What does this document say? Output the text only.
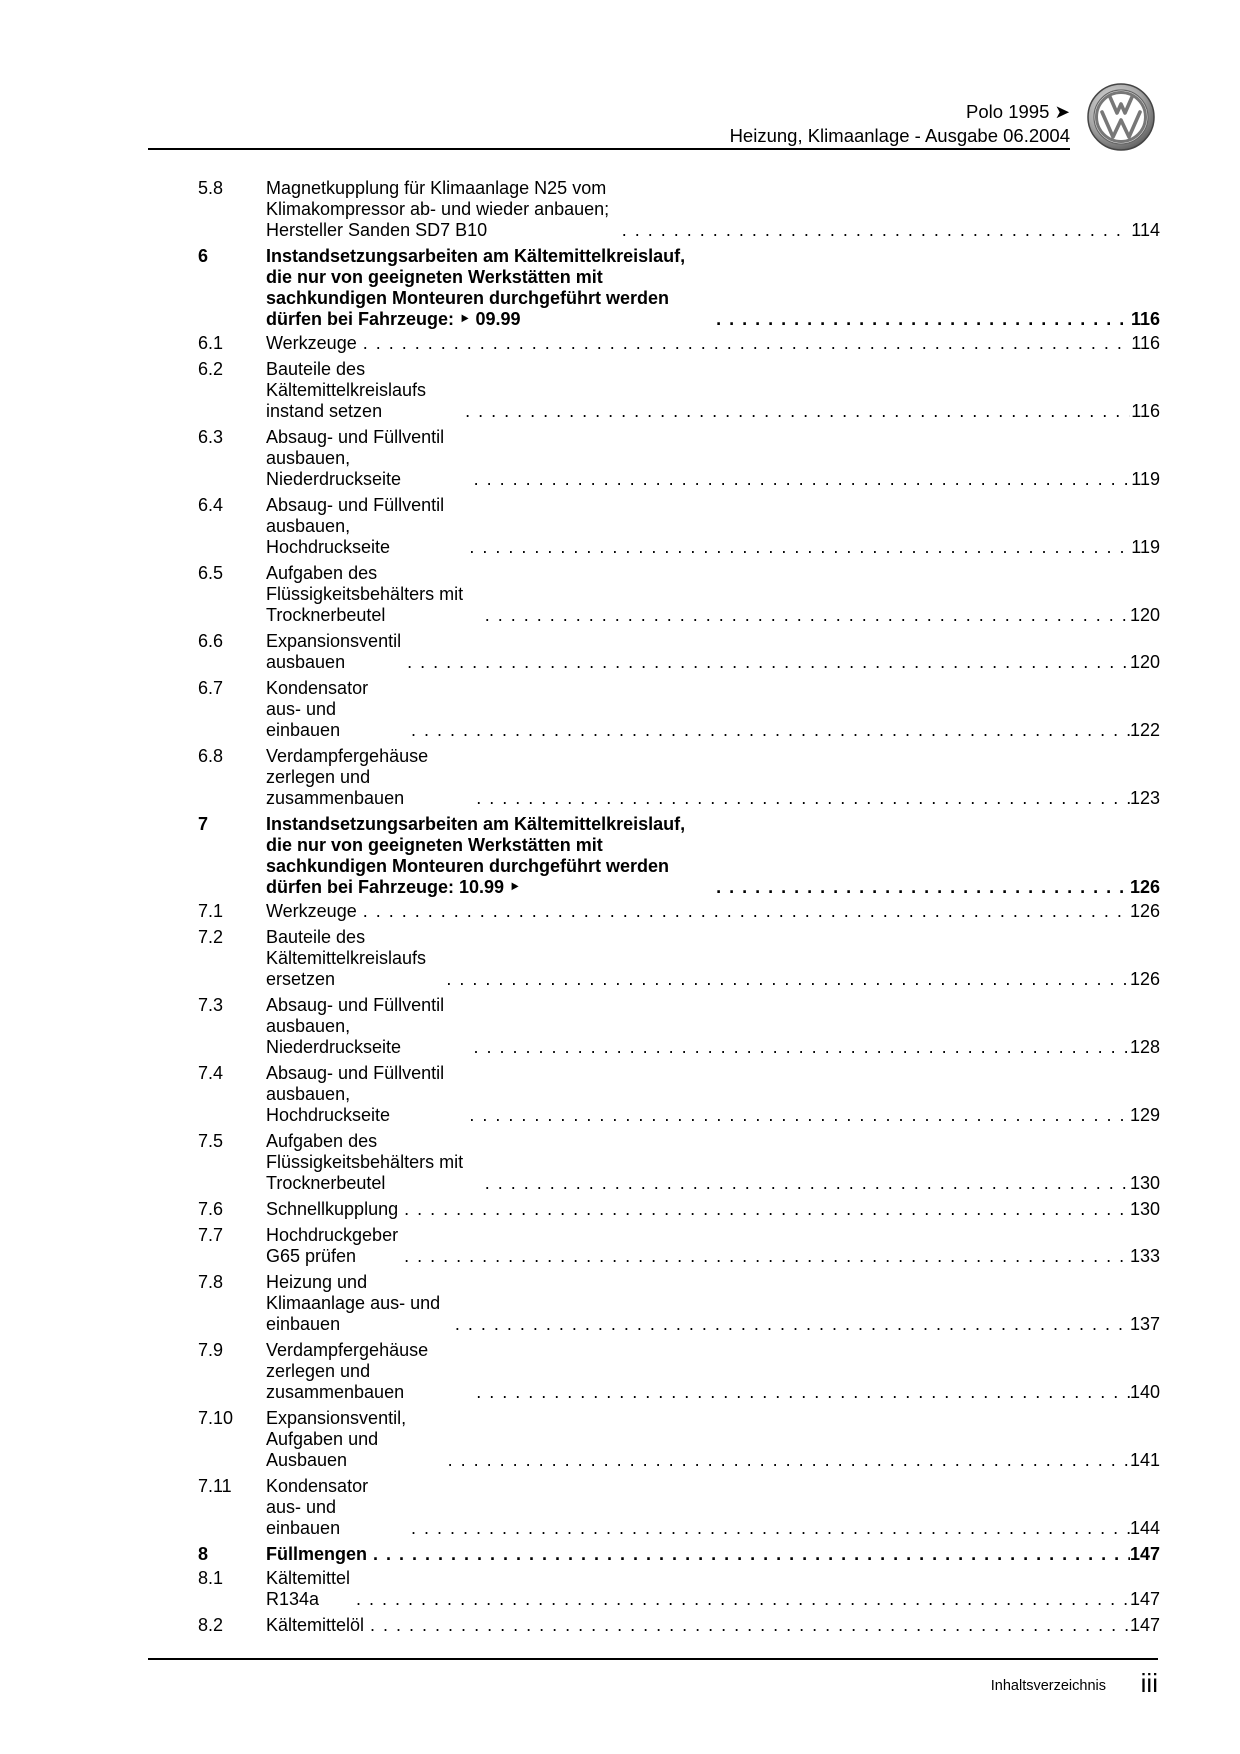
Polo 1995 ➤
Heizung, Klimaanlage - Ausgabe 06.2004
5.8	Magnetkupplung für Klimaanlage N25 vom Klimakompressor ab- und wieder anbauen; Hersteller Sanden SD7 B10 . . .	114
6	Instandsetzungsarbeiten am Kältemittelkreislauf, die nur von geeigneten Werkstätten mit sachkundigen Monteuren durchgeführt werden dürfen bei Fahrzeuge: ‣ 09.99 . . .	116
6.1	Werkzeuge . . .	116
6.2	Bauteile des Kältemittelkreislaufs instand setzen . . .	116
6.3	Absaug- und Füllventil ausbauen, Niederdruckseite . . .	119
6.4	Absaug- und Füllventil ausbauen, Hochdruckseite . . .	119
6.5	Aufgaben des Flüssigkeitsbehälters mit Trocknerbeutel . . .	120
6.6	Expansionsventil ausbauen . . .	120
6.7	Kondensator aus- und einbauen . . .	122
6.8	Verdampfergehäuse zerlegen und zusammenbauen . . .	123
7	Instandsetzungsarbeiten am Kältemittelkreislauf, die nur von geeigneten Werkstätten mit sachkundigen Monteuren durchgeführt werden dürfen bei Fahrzeuge: 10.99 ‣ . . .	126
7.1	Werkzeuge . . .	126
7.2	Bauteile des Kältemittelkreislaufs ersetzen . . .	126
7.3	Absaug- und Füllventil ausbauen, Niederdruckseite . . .	128
7.4	Absaug- und Füllventil ausbauen, Hochdruckseite . . .	129
7.5	Aufgaben des Flüssigkeitsbehälters mit Trocknerbeutel . . .	130
7.6	Schnellkupplung . . .	130
7.7	Hochdruckgeber G65 prüfen . . .	133
7.8	Heizung und Klimaanlage aus- und einbauen . . .	137
7.9	Verdampfergehäuse zerlegen und zusammenbauen . . .	140
7.10	Expansionsventil, Aufgaben und Ausbauen . . .	141
7.11	Kondensator aus- und einbauen . . .	144
8	Füllmengen . . .	147
8.1	Kältemittel R134a . . .	147
8.2	Kältemittelöl . . .	147
Inhaltsverzeichnis iii
